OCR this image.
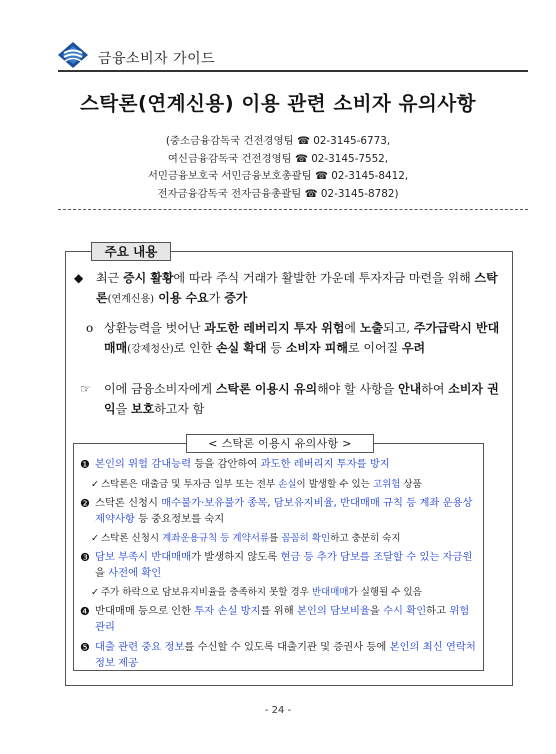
금융소비자 가이드
스탁론(연계신용) 이용 관련 소비자 유의사항
(중소금융감독국 건전경영팀 ☎ 02-3145-6773,
여신금융감독국 건전경영팀 ☎ 02-3145-7552,
서민금융보호국 서민금융보호총괄팀 ☎ 02-3145-8412,
전자금융감독국 전자금융총괄팀 ☎ 02-3145-8782)
주요 내용
◆ 최근 증시 활황에 따라 주식 거래가 활발한 가운데 투자자금 마련을 위해 스탁론(연계신용) 이용 수요가 증가
o 상환능력을 벗어난 과도한 레버리지 투자 위험에 노출되고, 주가급락시 반대매매(강제청산)로 인한 손실 확대 등 소비자 피해로 이어질 우려
☞ 이에 금융소비자에게 스탁론 이용시 유의해야 할 사항을 안내하여 소비자 권익을 보호하고자 함
< 스탁론 이용시 유의사항 >
❶ 본인의 위험 감내능력 등을 감안하여 과도한 레버리지 투자를 방지
✓ 스탁론은 대출금 및 투자금 일부 또는 전부 손실이 발생할 수 있는 고위험 상품
❷ 스탁론 신청시 매수불가·보유불가 종목, 담보유지비율, 반대매매 규칙 등 계좌 운용상 제약사항 등 중요정보를 숙지
✓ 스탁론 신청시 계좌운용규칙 등 계약서류를 꼼꼼히 확인하고 충분히 숙지
❸ 담보 부족시 반대매매가 발생하지 않도록 현금 등 추가 담보를 조달할 수 있는 자금원을 사전에 확인
✓ 주가 하락으로 담보유지비율을 충족하지 못할 경우 반대매매가 실행될 수 있음
❹ 반대매매 등으로 인한 투자 손실 방지를 위해 본인의 담보비율을 수시 확인하고 위험 관리
❺ 대출 관련 중요 정보를 수신할 수 있도록 대출기관 및 증권사 등에 본인의 최신 연락처 정보 제공
- 24 -
